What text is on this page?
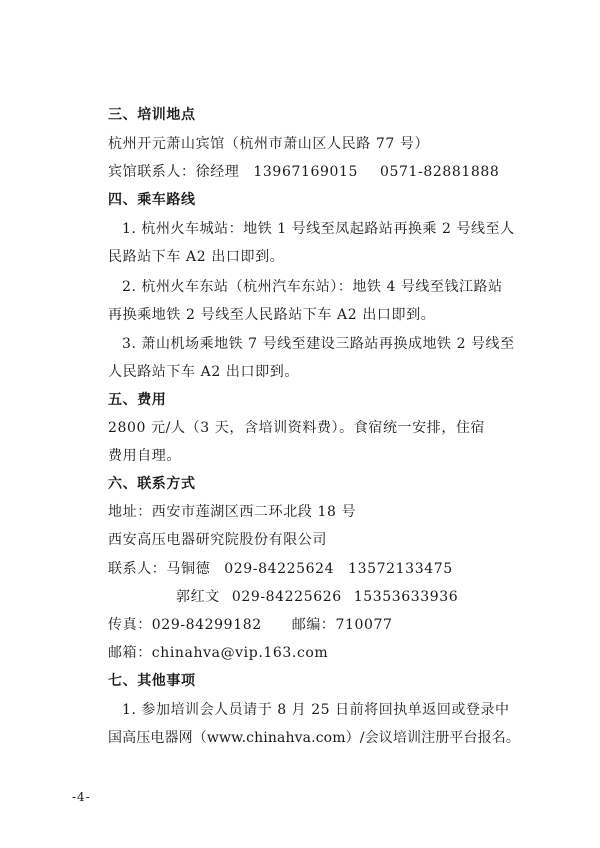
三、培训地点
杭州开元萧山宾馆（杭州市萧山区人民路 77 号）
宾馆联系人：徐经理 13967169015 0571-82881888
四、乘车路线
1. 杭州火车城站：地铁 1 号线至凤起路站再换乘 2 号线至人
民路站下车 A2 出口即到。
2. 杭州火车东站（杭州汽车东站）：地铁 4 号线至钱江路站
再换乘地铁 2 号线至人民路站下车 A2 出口即到。
3. 萧山机场乘地铁 7 号线至建设三路站再换成地铁 2 号线至
人民路站下车 A2 出口即到。
五、费用
2800 元/人（3 天，含培训资料费）。食宿统一安排，住宿
费用自理。
六、联系方式
地址：西安市莲湖区西二环北段 18 号
西安高压电器研究院股份有限公司
联系人：马铜德 029-84225624 13572133475
郭红文 029-84225626 15353633936
传真：029-84299182 邮编：710077
邮箱：chinahva@vip.163.com
七、其他事项
1. 参加培训会人员请于 8 月 25 日前将回执单返回或登录中
国高压电器网（www.chinahva.com）/会议培训注册平台报名。
-4-
